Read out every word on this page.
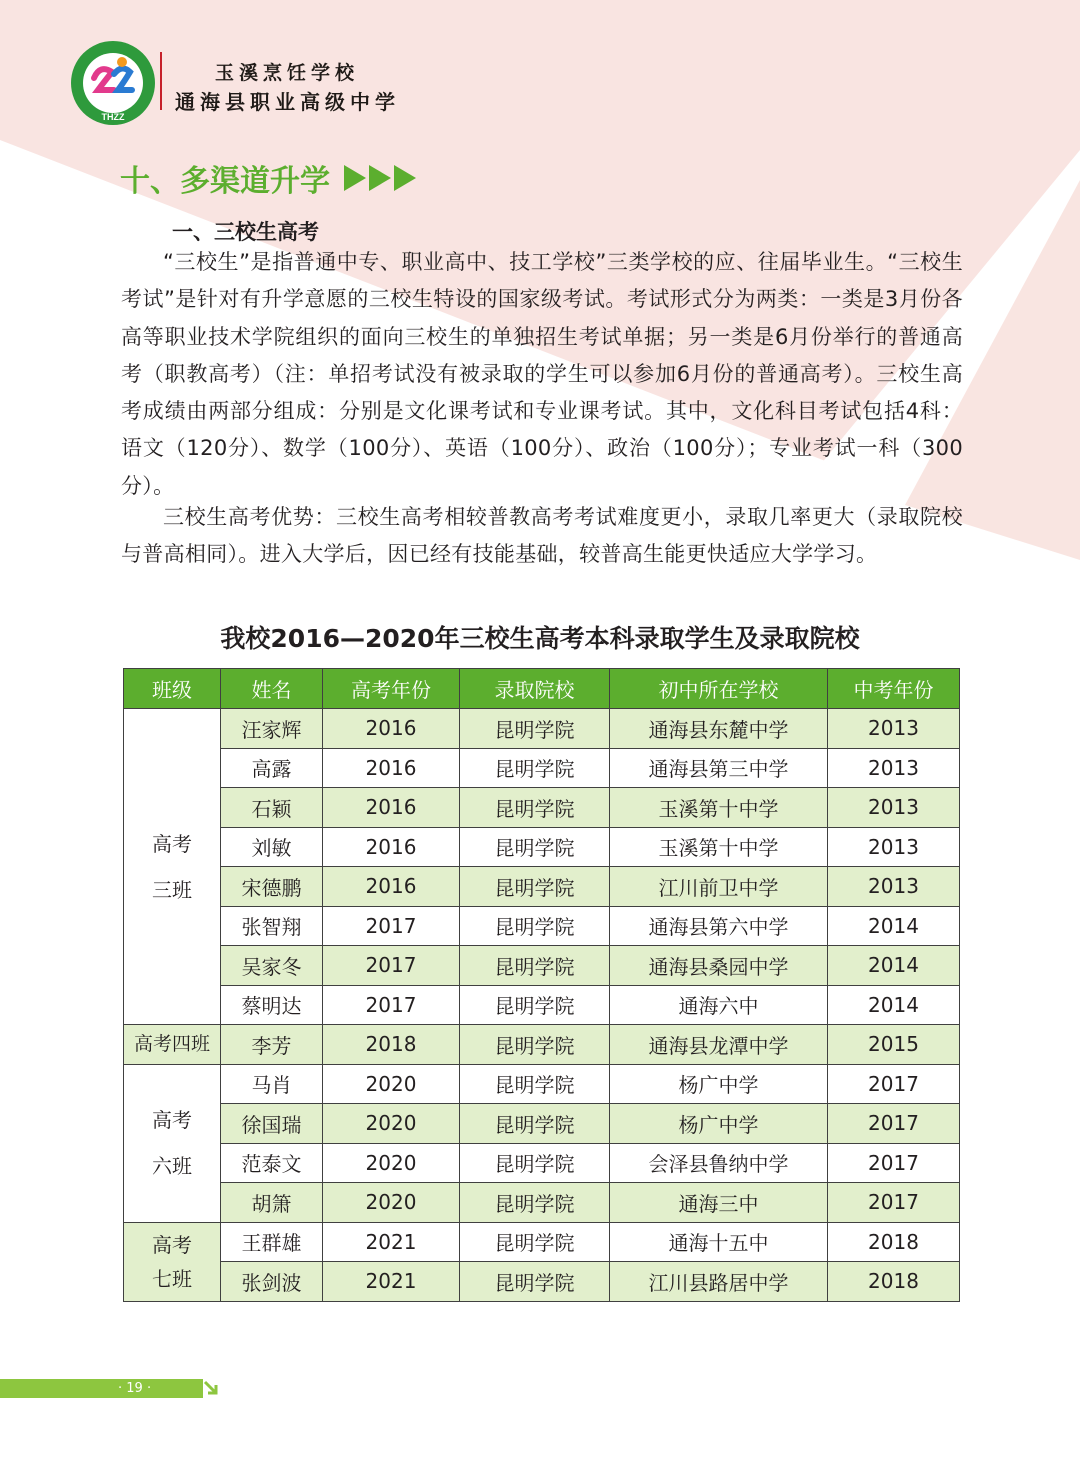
THZZ
玉溪烹饪学校
通海县职业高级中学
十、多渠道升学
一、三校生高考

“三校生”是指普通中专、职业高中、技工学校”三类学校的应、往届毕业生。“三校生考试”是针对有升学意愿的三校生特设的国家级考试。考试形式分为两类：一类是3月份各高等职业技术学院组织的面向三校生的单独招生考试单据；另一类是6月份举行的普通高考（职教高考）（注：单招考试没有被录取的学生可以参加6月份的普通高考）。三校生高考成绩由两部分组成：分别是文化课考试和专业课考试。其中，文化科目考试包括4科：语文（120分）、数学（100分）、英语（100分）、政治（100分）；专业考试一科（300分）。

三校生高考优势：三校生高考相较普教高考考试难度更小，录取几率更大（录取院校与普高相同）。进入大学后，因已经有技能基础，较普高生能更快适应大学学习。

我校2016—2020年三校生高考本科录取学生及录取院校
班级	姓名	高考年份	录取院校	初中所在学校	中考年份

高考
三班	汪家辉	2016	昆明学院	通海县东麓中学	2013
	高露	2016	昆明学院	通海县第三中学	2013
	石颖	2016	昆明学院	玉溪第十中学	2013
	刘敏	2016	昆明学院	玉溪第十中学	2013
	宋德鹏	2016	昆明学院	江川前卫中学	2013
	张智翔	2017	昆明学院	通海县第六中学	2014
	吴家冬	2017	昆明学院	通海县桑园中学	2014
	蔡明达	2017	昆明学院	通海六中	2014

高考四班	李芳	2018	昆明学院	通海县龙潭中学	2015

高考
六班	马肖	2020	昆明学院	杨广中学	2017
	徐国瑞	2020	昆明学院	杨广中学	2017
	范泰文	2020	昆明学院	会泽县鲁纳中学	2017
	胡箫	2020	昆明学院	通海三中	2017

高考
七班	王群雄	2021	昆明学院	通海十五中	2018
	张剑波	2021	昆明学院	江川县路居中学	2018
· 19 ·
